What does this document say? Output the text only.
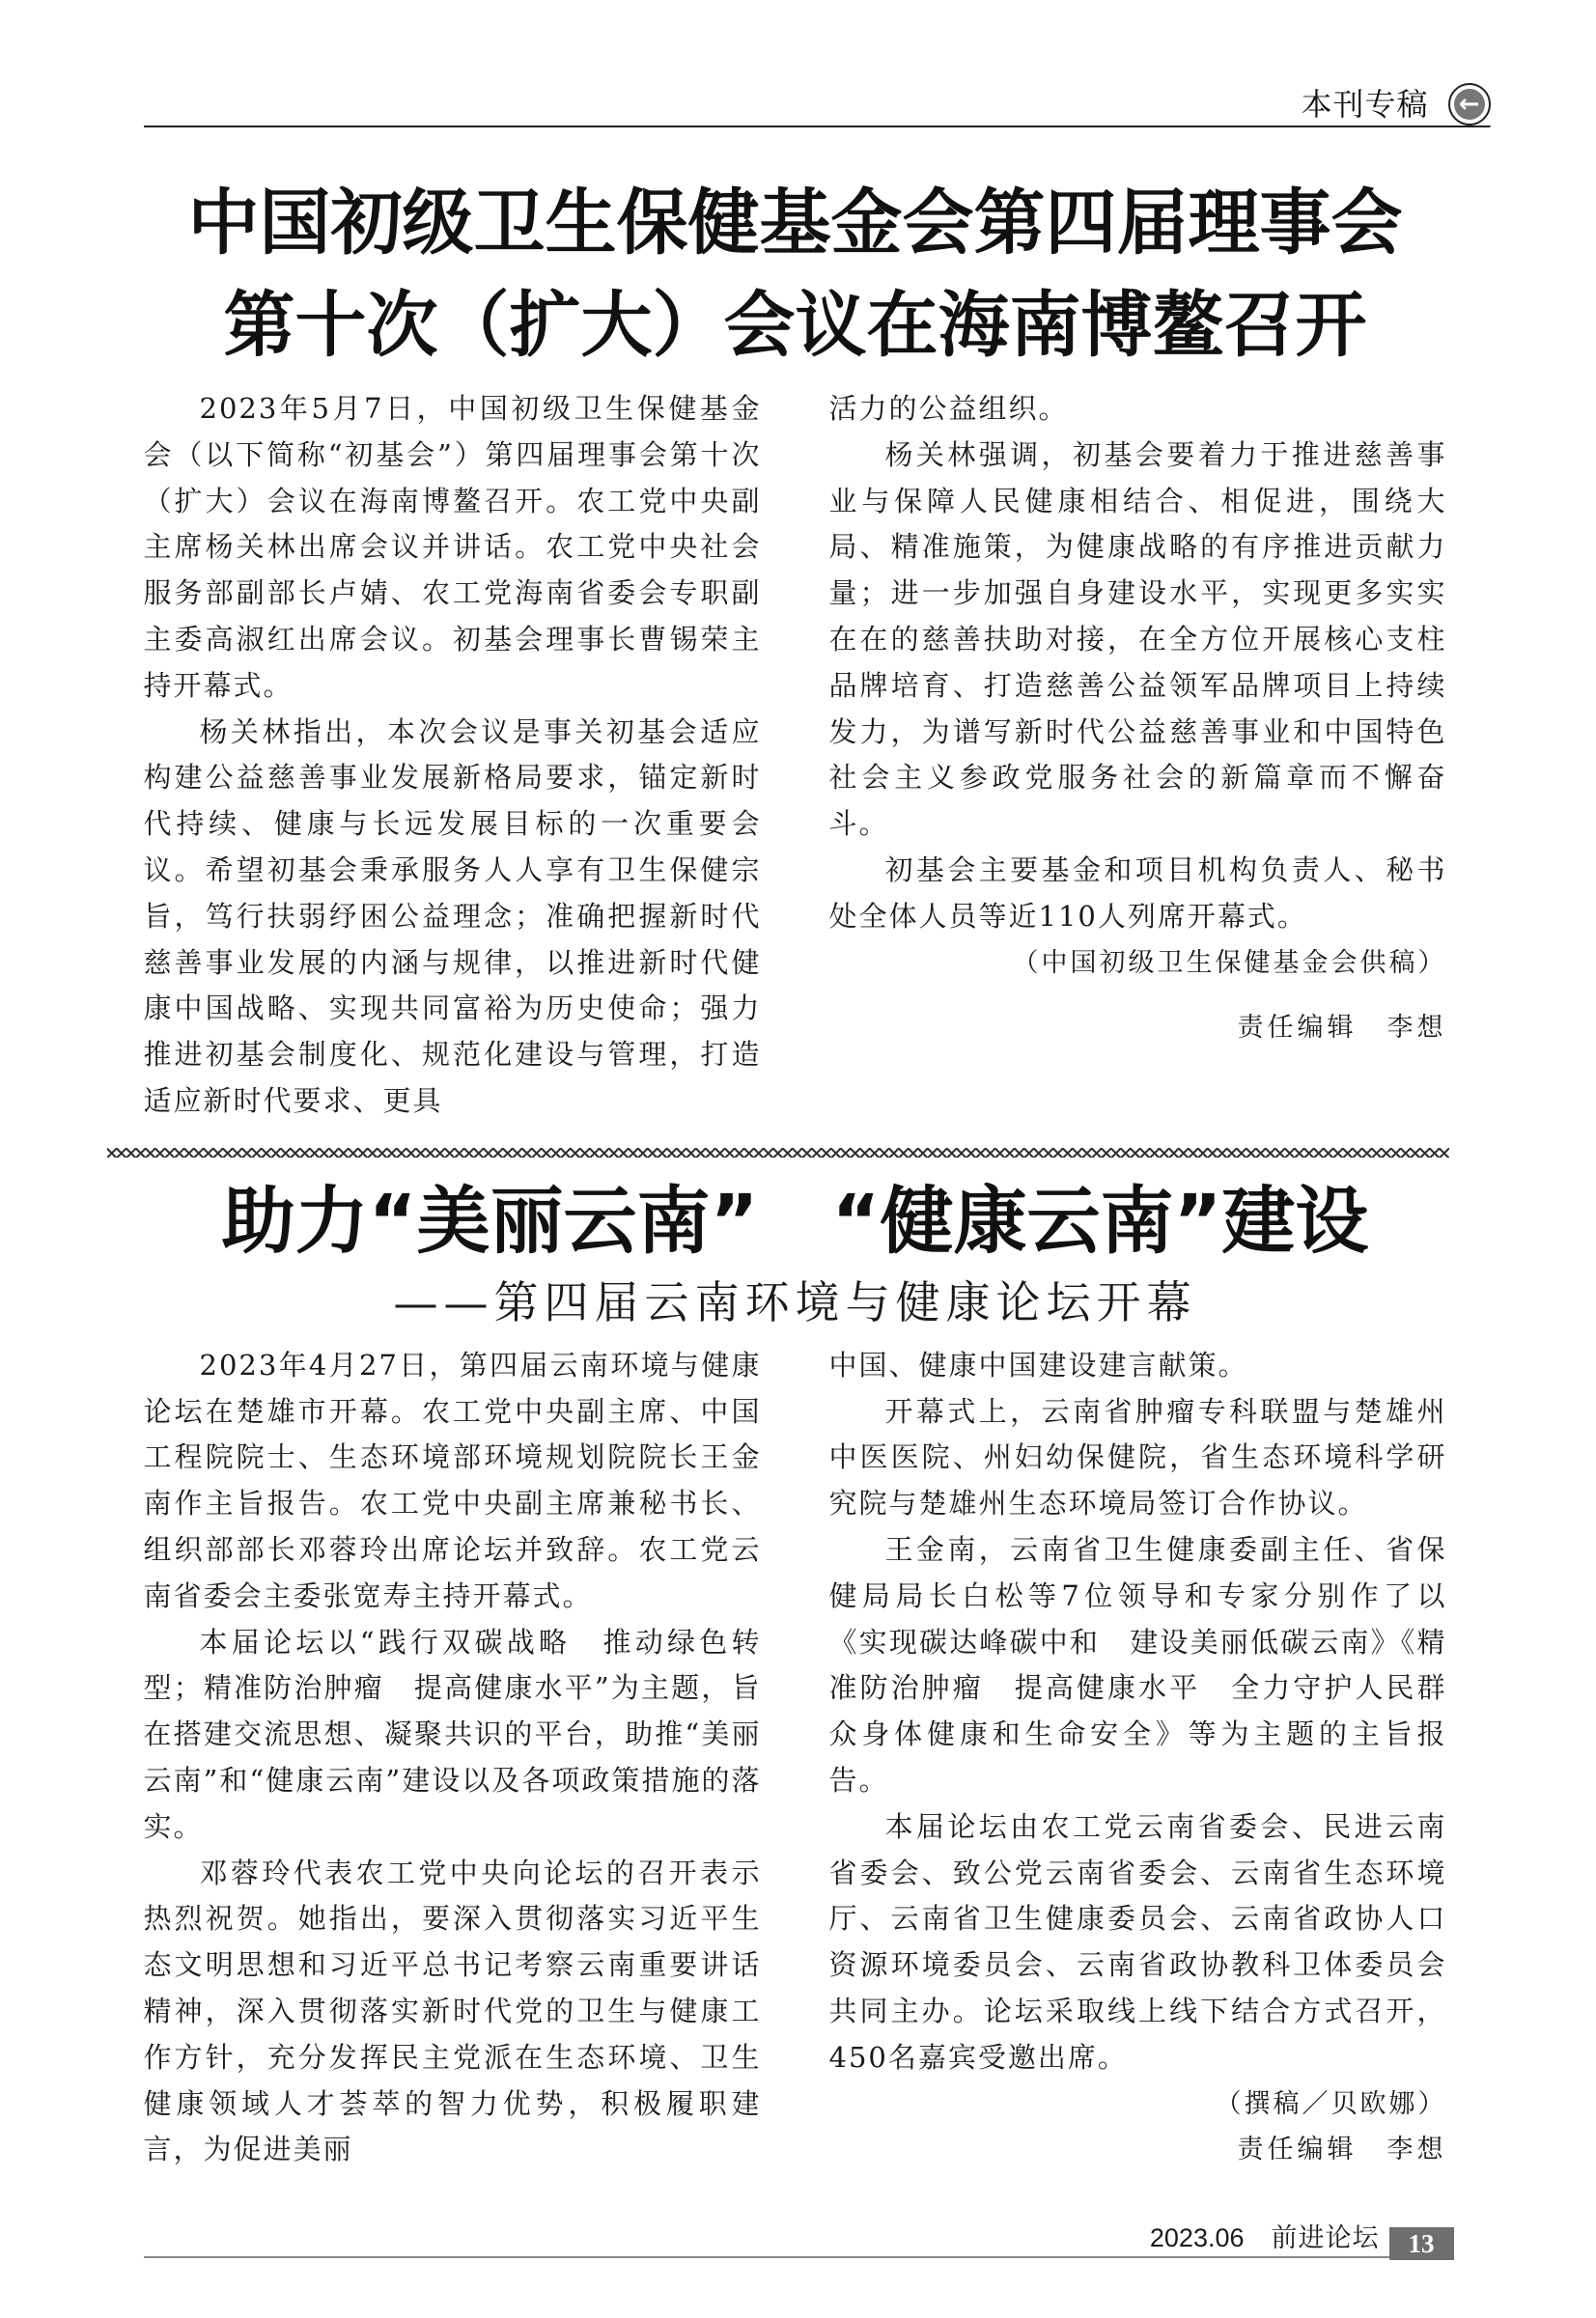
本刊专稿 ←
中国初级卫生保健基金会第四届理事会
第十次（扩大）会议在海南博鳌召开

2023年5月7日，中国初级卫生保健基金会（以下简称“初基会”）第四届理事会第十次（扩大）会议在海南博鳌召开。农工党中央副主席杨关林出席会议并讲话。农工党中央社会服务部副部长卢婧、农工党海南省委会专职副主委高淑红出席会议。初基会理事长曹锡荣主持开幕式。

杨关林指出，本次会议是事关初基会适应构建公益慈善事业发展新格局要求，锚定新时代持续、健康与长远发展目标的一次重要会议。希望初基会秉承服务人人享有卫生保健宗旨，笃行扶弱纾困公益理念；准确把握新时代慈善事业发展的内涵与规律，以推进新时代健康中国战略、实现共同富裕为历史使命；强力推进初基会制度化、规范化建设与管理，打造适应新时代要求、更具

活力的公益组织。

杨关林强调，初基会要着力于推进慈善事业与保障人民健康相结合、相促进，围绕大局、精准施策，为健康战略的有序推进贡献力量；进一步加强自身建设水平，实现更多实实在在的慈善扶助对接，在全方位开展核心支柱品牌培育、打造慈善公益领军品牌项目上持续发力，为谱写新时代公益慈善事业和中国特色社会主义参政党服务社会的新篇章而不懈奋斗。

初基会主要基金和项目机构负责人、秘书处全体人员等近110人列席开幕式。

（中国初级卫生保健基金会供稿）
责任编辑　李想
助力“美丽云南”　“健康云南”建设
——第四届云南环境与健康论坛开幕

2023年4月27日，第四届云南环境与健康论坛在楚雄市开幕。农工党中央副主席、中国工程院院士、生态环境部环境规划院院长王金南作主旨报告。农工党中央副主席兼秘书长、组织部部长邓蓉玲出席论坛并致辞。农工党云南省委会主委张宽寿主持开幕式。

本届论坛以“践行双碳战略　推动绿色转型；精准防治肿瘤　提高健康水平”为主题，旨在搭建交流思想、凝聚共识的平台，助推“美丽云南”和“健康云南”建设以及各项政策措施的落实。

邓蓉玲代表农工党中央向论坛的召开表示热烈祝贺。她指出，要深入贯彻落实习近平生态文明思想和习近平总书记考察云南重要讲话精神，深入贯彻落实新时代党的卫生与健康工作方针，充分发挥民主党派在生态环境、卫生健康领域人才荟萃的智力优势，积极履职建言，为促进美丽

中国、健康中国建设建言献策。

开幕式上，云南省肿瘤专科联盟与楚雄州中医医院、州妇幼保健院，省生态环境科学研究院与楚雄州生态环境局签订合作协议。

王金南，云南省卫生健康委副主任、省保健局局长白松等7位领导和专家分别作了以《实现碳达峰碳中和　建设美丽低碳云南》《精准防治肿瘤　提高健康水平　全力守护人民群众身体健康和生命安全》等为主题的主旨报告。

本届论坛由农工党云南省委会、民进云南省委会、致公党云南省委会、云南省生态环境厅、云南省卫生健康委员会、云南省政协人口资源环境委员会、云南省政协教科卫体委员会共同主办。论坛采取线上线下结合方式召开，450名嘉宾受邀出席。

（撰稿／贝欧娜）
责任编辑　李想
2023.06 前进论坛	13
